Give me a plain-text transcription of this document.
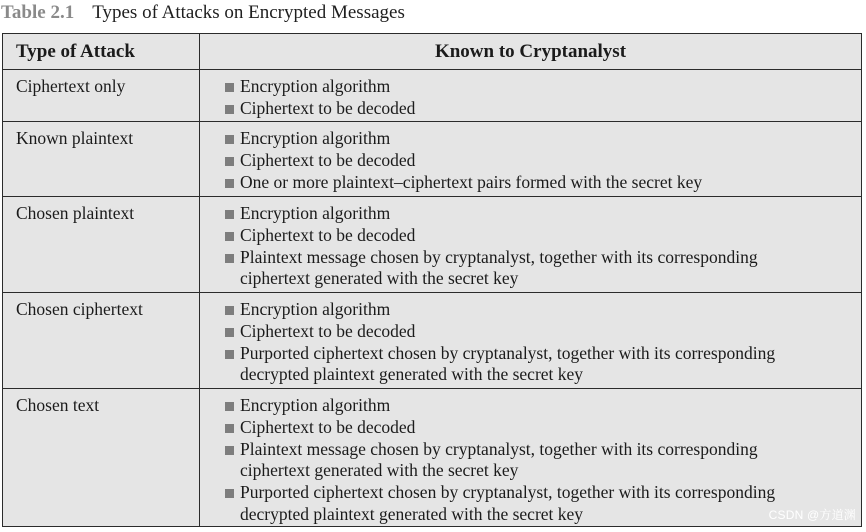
Table 2.1 Types of Attacks on Encrypted Messages
Type of Attack	Known to Cryptanalyst
Ciphertext only	Encryption algorithm
Ciphertext to be decoded
Known plaintext	Encryption algorithm
Ciphertext to be decoded
One or more plaintext–ciphertext pairs formed with the secret key
Chosen plaintext	Encryption algorithm
Ciphertext to be decoded
Plaintext message chosen by cryptanalyst, together with its corresponding ciphertext generated with the secret key
Chosen ciphertext	Encryption algorithm
Ciphertext to be decoded
Purported ciphertext chosen by cryptanalyst, together with its corresponding decrypted plaintext generated with the secret key
Chosen text	Encryption algorithm
Ciphertext to be decoded
Plaintext message chosen by cryptanalyst, together with its corresponding ciphertext generated with the secret key
Purported ciphertext chosen by cryptanalyst, together with its corresponding decrypted plaintext generated with the secret key	CSDN @方道渊
